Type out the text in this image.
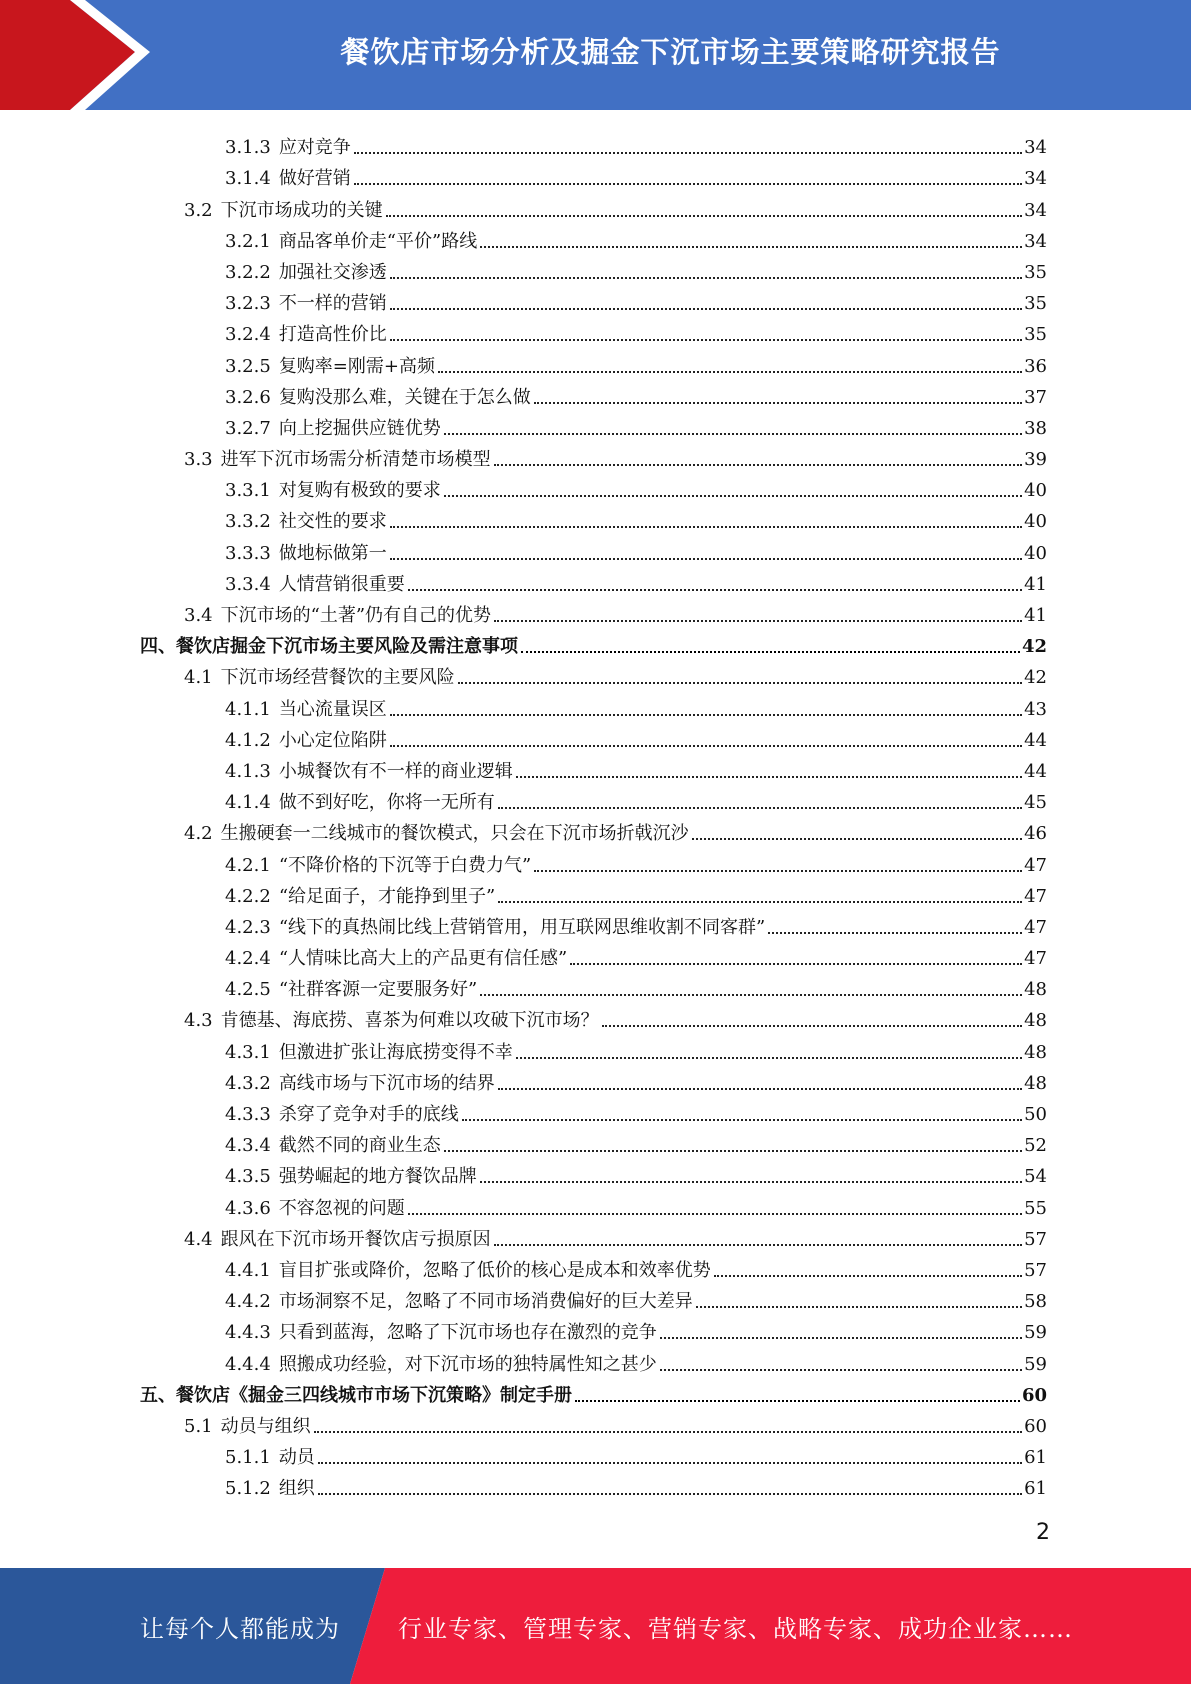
餐饮店市场分析及掘金下沉市场主要策略研究报告
3.1.3 应对竞争	34
3.1.4 做好营销	34
3.2 下沉市场成功的关键	34
3.2.1 商品客单价走“平价”路线	34
3.2.2 加强社交渗透	35
3.2.3 不一样的营销	35
3.2.4 打造高性价比	35
3.2.5 复购率=刚需+高频	36
3.2.6 复购没那么难，关键在于怎么做	37
3.2.7 向上挖掘供应链优势	38
3.3 进军下沉市场需分析清楚市场模型	39
3.3.1 对复购有极致的要求	40
3.3.2 社交性的要求	40
3.3.3 做地标做第一	40
3.3.4 人情营销很重要	41
3.4 下沉市场的“土著”仍有自己的优势	41
四、 餐饮店掘金下沉市场主要风险及需注意事项	42
4.1 下沉市场经营餐饮的主要风险	42
4.1.1 当心流量误区	43
4.1.2 小心定位陷阱	44
4.1.3 小城餐饮有不一样的商业逻辑	44
4.1.4 做不到好吃，你将一无所有	45
4.2 生搬硬套一二线城市的餐饮模式，只会在下沉市场折戟沉沙	46
4.2.1 “不降价格的下沉等于白费力气”	47
4.2.2 “给足面子，才能挣到里子”	47
4.2.3 “线下的真热闹比线上营销管用，用互联网思维收割不同客群”	47
4.2.4 “人情味比高大上的产品更有信任感”	47
4.2.5 “社群客源一定要服务好”	48
4.3 肯德基、海底捞、喜茶为何难以攻破下沉市场？	48
4.3.1 但激进扩张让海底捞变得不幸	48
4.3.2 高线市场与下沉市场的结界	48
4.3.3 杀穿了竞争对手的底线	50
4.3.4 截然不同的商业生态	52
4.3.5 强势崛起的地方餐饮品牌	54
4.3.6 不容忽视的问题	55
4.4 跟风在下沉市场开餐饮店亏损原因	57
4.4.1 盲目扩张或降价，忽略了低价的核心是成本和效率优势	57
4.4.2 市场洞察不足，忽略了不同市场消费偏好的巨大差异	58
4.4.3 只看到蓝海，忽略了下沉市场也存在激烈的竞争	59
4.4.4 照搬成功经验，对下沉市场的独特属性知之甚少	59
五、 餐饮店《掘金三四线城市市场下沉策略》制定手册	60
5.1 动员与组织	60
5.1.1 动员	61
5.1.2 组织	61
2
让每个人都能成为 行业专家、管理专家、营销专家、战略专家、成功企业家……
